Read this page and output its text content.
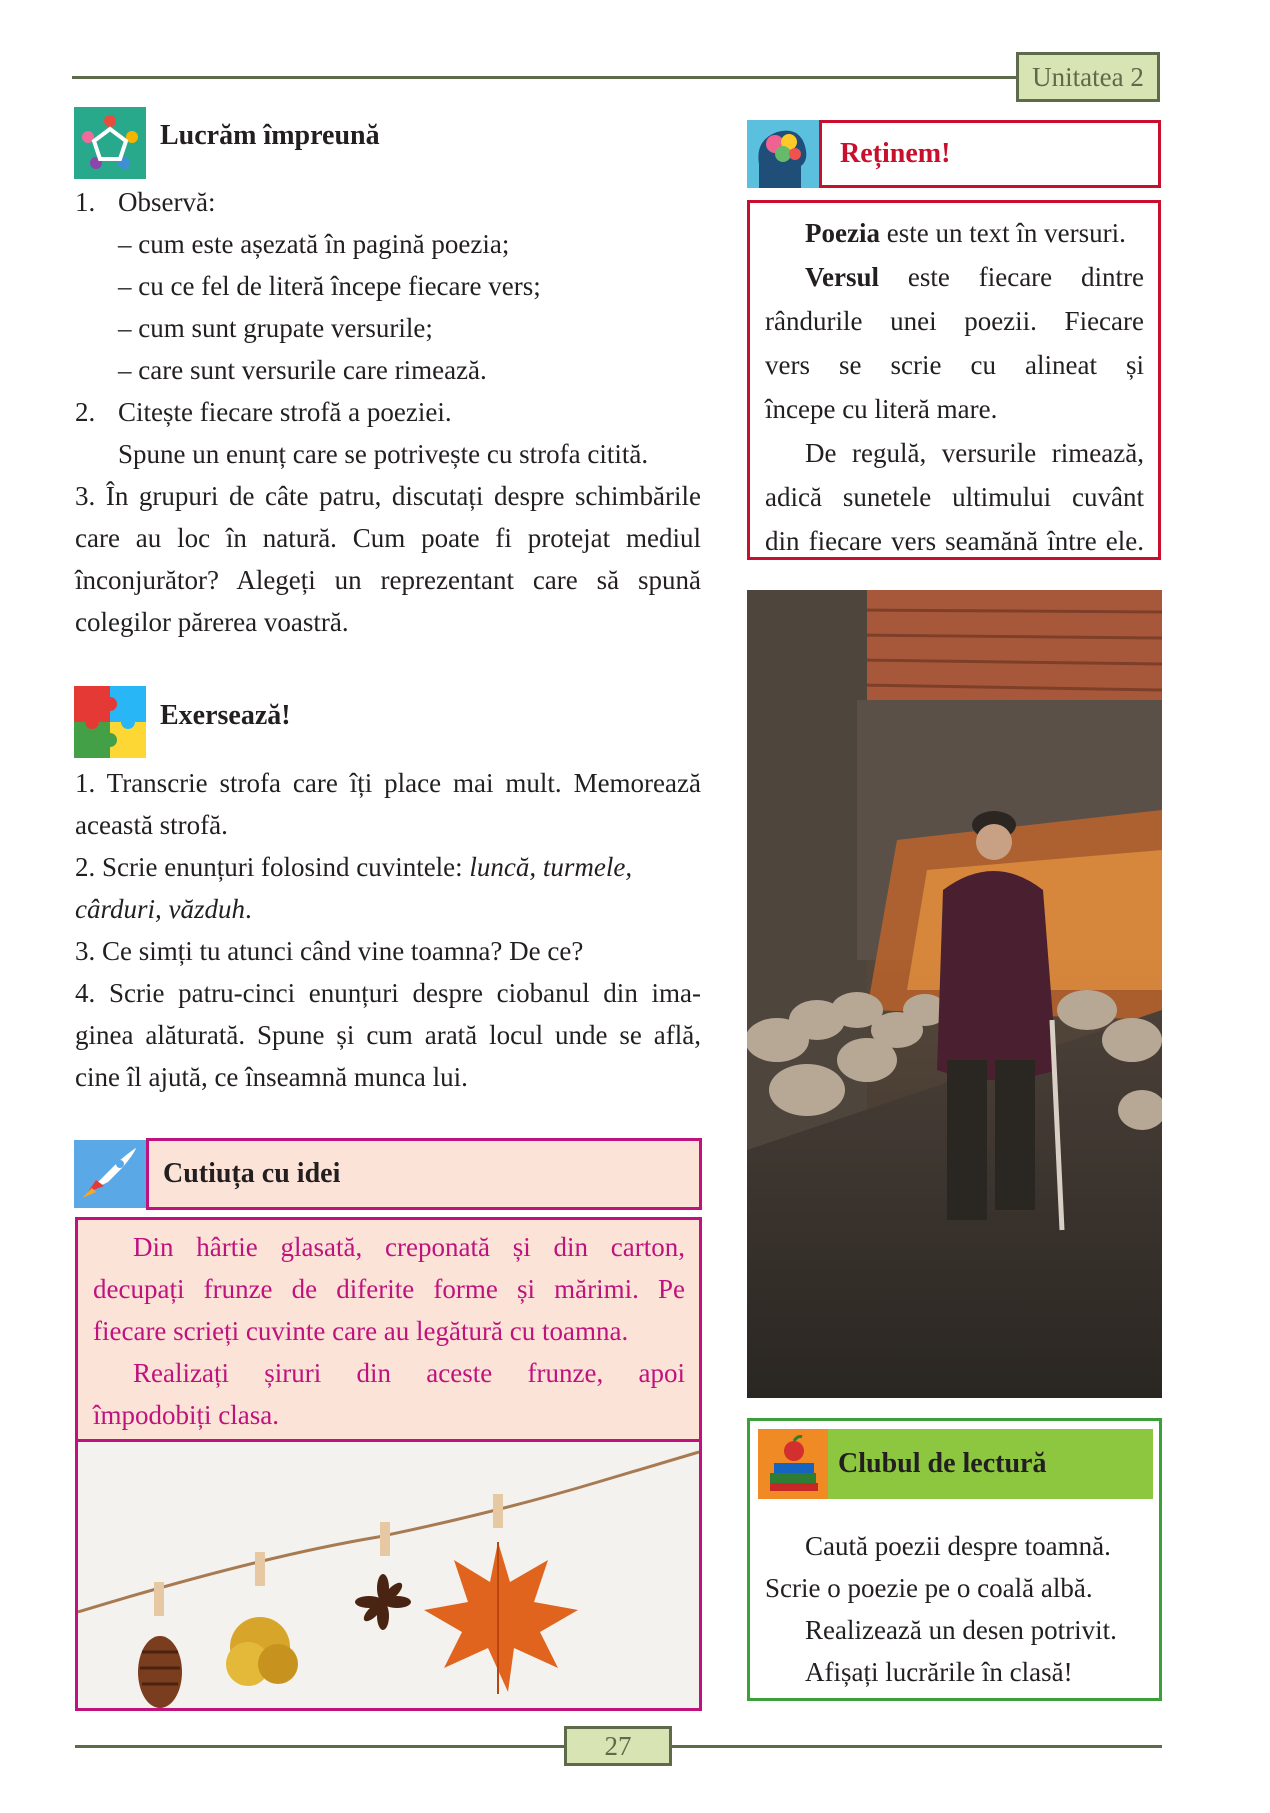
Unitatea 2
Lucrăm împreună

1. Observă:

– cum este așezată în pagină poezia;

– cu ce fel de literă începe fiecare vers;

– cum sunt grupate versurile;

– care sunt versurile care rimează.

2. Citește fiecare strofă a poeziei.

Spune un enunț care se potrivește cu strofa citită.

3. În grupuri de câte patru, discutați despre schimbările

care au loc în natură. Cum poate fi protejat mediul

înconjurător? Alegeți un reprezentant care să spună

colegilor părerea voastră.

Exersează!

1. Transcrie strofa care îți place mai mult. Memorează

această strofă.

2. Scrie enunțuri folosind cuvintele: luncă, turmele,

cârduri, văzduh.

3. Ce simți tu atunci când vine toamna? De ce?

4. Scrie patru-cinci enunțuri despre ciobanul din ima-

ginea alăturată. Spune și cum arată locul unde se află,

cine îl ajută, ce înseamnă munca lui.

Cutiuța cu idei
Din hârtie glasată, creponată și din carton,
decupați frunze de diferite forme și mărimi. Pe
fiecare scrieți cuvinte care au legătură cu toamna.
Realizați șiruri din aceste frunze, apoi
împodobiți clasa.
Reținem!
Poezia este un text în versuri.
Versul este fiecare dintre
rândurile unei poezii. Fiecare
vers se scrie cu alineat și
începe cu literă mare.
De regulă, versurile rimează,
adică sunetele ultimului cuvânt
din fiecare vers seamănă între ele.
Clubul de lectură
Caută poezii despre toamnă.
Scrie o poezie pe o coală albă.
Realizează un desen potrivit.
Afișați lucrările în clasă!
27
